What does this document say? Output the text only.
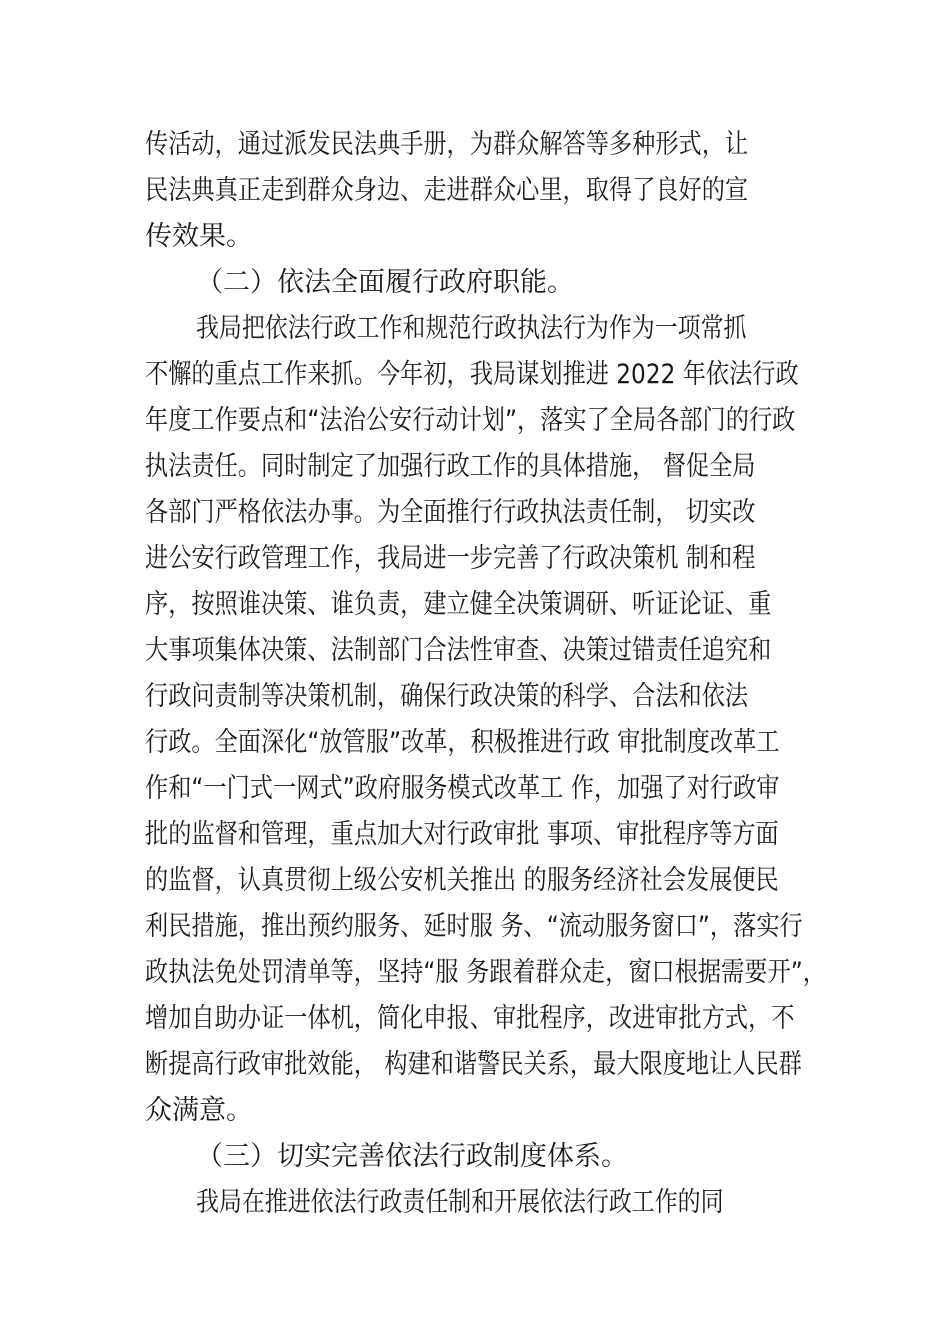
传活动，通过派发民法典手册，为群众解答等多种形式，让
民法典真正走到群众身边、走进群众心里，取得了良好的宣
传效果。
（二）依法全面履行政府职能。
我局把依法行政工作和规范行政执法行为作为一项常抓
不懈的重点工作来抓。今年初，我局谋划推进 2022 年依法行政
年度工作要点和“法治公安行动计划”，落实了全局各部门的行政
执法责任。同时制定了加强行政工作的具体措施， 督促全局
各部门严格依法办事。为全面推行行政执法责任制， 切实改
进公安行政管理工作，我局进一步完善了行政决策机 制和程
序，按照谁决策、谁负责，建立健全决策调研、听证论证、重
大事项集体决策、法制部门合法性审查、决策过错责任追究和
行政问责制等决策机制，确保行政决策的科学、合法和依法
行政。全面深化“放管服”改革，积极推进行政 审批制度改革工
作和“一门式一网式”政府服务模式改革工 作，加强了对行政审
批的监督和管理，重点加大对行政审批 事项、审批程序等方面
的监督，认真贯彻上级公安机关推出 的服务经济社会发展便民
利民措施，推出预约服务、延时服 务、“流动服务窗口”，落实行
政执法免处罚清单等，坚持“服 务跟着群众走，窗口根据需要开”，
增加自助办证一体机，简化申报、审批程序，改进审批方式，不
断提高行政审批效能， 构建和谐警民关系，最大限度地让人民群
众满意。
（三）切实完善依法行政制度体系。
我局在推进依法行政责任制和开展依法行政工作的同
